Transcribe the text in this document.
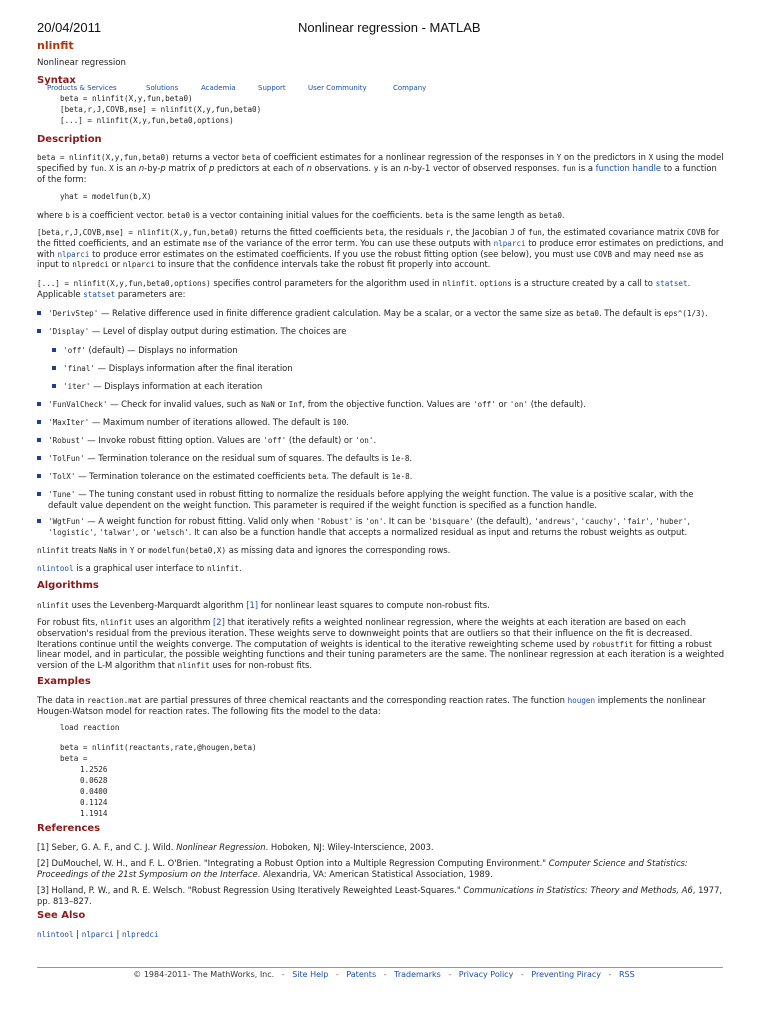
20/04/2011	Nonlinear regression - MATLAB
nlinfit
Nonlinear regression
Products & Services	Solutions	Academia	Support	User Community	Company
Syntax
beta = nlinfit(X,y,fun,beta0)
[beta,r,J,COVB,mse] = nlinfit(X,y,fun,beta0)
[...] = nlinfit(X,y,fun,beta0,options)
Description
beta = nlinfit(X,y,fun,beta0) returns a vector beta of coefficient estimates for a nonlinear regression of the responses in Y on the predictors in X using the model specified by fun. X is an n-by-p matrix of p predictors at each of n observations. y is an n-by-1 vector of observed responses. fun is a function handle to a function of the form:
yhat = modelfun(b,X)
where b is a coefficient vector. beta0 is a vector containing initial values for the coefficients. beta is the same length as beta0.
[beta,r,J,COVB,mse] = nlinfit(X,y,fun,beta0) returns the fitted coefficients beta, the residuals r, the Jacobian J of fun, the estimated covariance matrix COVB for the fitted coefficients, and an estimate mse of the variance of the error term. You can use these outputs with nlparci to produce error estimates on predictions, and with nlparci to produce error estimates on the estimated coefficients. If you use the robust fitting option (see below), you must use COVB and may need mse as input to nlpredci or nlparci to insure that the confidence intervals take the robust fit properly into account.
[...] = nlinfit(X,y,fun,beta0,options) specifies control parameters for the algorithm used in nlinfit. options is a structure created by a call to statset. Applicable statset parameters are:
'DerivStep' — Relative difference used in finite difference gradient calculation. May be a scalar, or a vector the same size as beta0. The default is eps^(1/3).
'Display' — Level of display output during estimation. The choices are
'off' (default) — Displays no information
'final' — Displays information after the final iteration
'iter' — Displays information at each iteration
'FunValCheck' — Check for invalid values, such as NaN or Inf, from the objective function. Values are 'off' or 'on' (the default).
'MaxIter' — Maximum number of iterations allowed. The default is 100.
'Robust' — Invoke robust fitting option. Values are 'off' (the default) or 'on'.
'TolFun' — Termination tolerance on the residual sum of squares. The defaults is 1e-8.
'TolX' — Termination tolerance on the estimated coefficients beta. The default is 1e-8.
'Tune' — The tuning constant used in robust fitting to normalize the residuals before applying the weight function. The value is a positive scalar, with the default value dependent on the weight function. This parameter is required if the weight function is specified as a function handle.
'WgtFun' — A weight function for robust fitting. Valid only when 'Robust' is 'on'. It can be 'bisquare' (the default), 'andrews', 'cauchy', 'fair', 'huber', 'logistic', 'talwar', or 'welsch'. It can also be a function handle that accepts a normalized residual as input and returns the robust weights as output.
nlinfit treats NaNs in Y or modelfun(beta0,X) as missing data and ignores the corresponding rows.
nlintool is a graphical user interface to nlinfit.
Algorithms
nlinfit uses the Levenberg-Marquardt algorithm [1] for nonlinear least squares to compute non-robust fits.
For robust fits, nlinfit uses an algorithm [2] that iteratively refits a weighted nonlinear regression, where the weights at each iteration are based on each observation's residual from the previous iteration. These weights serve to downweight points that are outliers so that their influence on the fit is decreased. Iterations continue until the weights converge. The computation of weights is identical to the iterative reweighting scheme used by robustfit for fitting a robust linear model, and in particular, the possible weighting functions and their tuning parameters are the same. The nonlinear regression at each iteration is a weighted version of the L-M algorithm that nlinfit uses for non-robust fits.
Examples
The data in reaction.mat are partial pressures of three chemical reactants and the corresponding reaction rates. The function hougen implements the nonlinear Hougen-Watson model for reaction rates. The following fits the model to the data:
load reaction
beta = nlinfit(reactants,rate,@hougen,beta)
beta =
1.2526
0.0628
0.0400
0.1124
1.1914
References
[1] Seber, G. A. F., and C. J. Wild. Nonlinear Regression. Hoboken, NJ: Wiley-Interscience, 2003.
[2] DuMouchel, W. H., and F. L. O'Brien. "Integrating a Robust Option into a Multiple Regression Computing Environment." Computer Science and Statistics: Proceedings of the 21st Symposium on the Interface. Alexandria, VA: American Statistical Association, 1989.
[3] Holland, P. W., and R. E. Welsch. "Robust Regression Using Iteratively Reweighted Least-Squares." Communications in Statistics: Theory and Methods, A6, 1977, pp. 813–827.
See Also
nlintool | nlparci | nlpredci
© 1984-2011- The MathWorks, Inc. - Site Help - Patents - Trademarks - Privacy Policy - Preventing Piracy - RSS
